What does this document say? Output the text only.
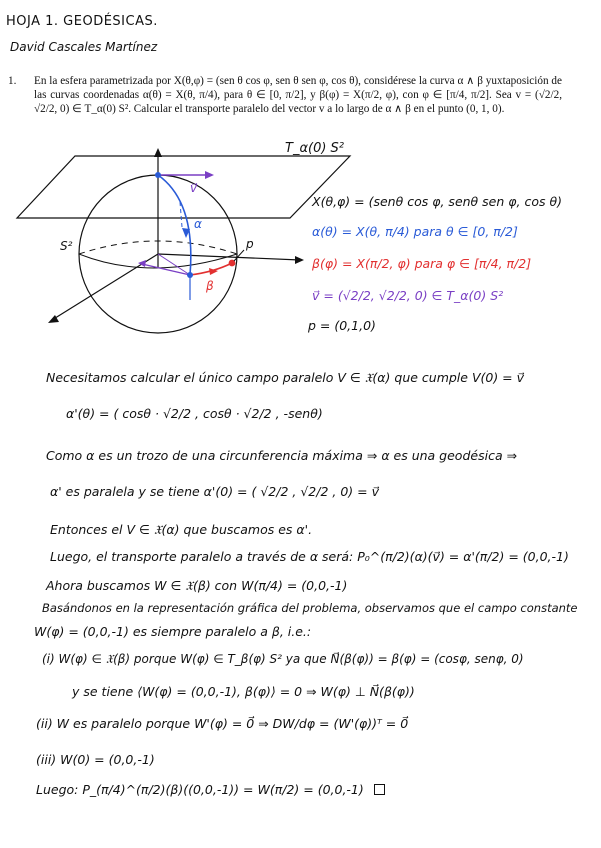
HOJA 1. GEODÉSICAS.
David Cascales Martínez
1. En la esfera parametrizada por X(θ,φ) = (sen θ cos φ, sen θ sen φ, cos θ), considérese la curva α ∧ β yuxtaposición de las curvas coordenadas α(θ) = X(θ, π/4), para θ ∈ [0, π/2], y β(φ) = X(π/2, φ), con φ ∈ [π/4, π/2]. Sea v = (√2/2, √2/2, 0) ∈ T_α(0) S². Calcular el transporte paralelo del vector v a lo largo de α ∧ β en el punto (0, 1, 0).
T_α(0) S²
S²	p
α
β
v⃗
X(θ,φ) = (senθ cos φ, senθ sen φ, cos θ)
α(θ) = X(θ, π/4) para θ ∈ [0, π/2]
β(φ) = X(π/2, φ) para φ ∈ [π/4, π/2]
v⃗ = (√2/2, √2/2, 0) ∈ T_α(0) S²
p = (0,1,0)
Necesitamos calcular el único campo paralelo V ∈ 𝔛(α) que cumple V(0) = v⃗
α'(θ) = ( cosθ · √2/2 , cosθ · √2/2 , -senθ)
Como α es un trozo de una circunferencia máxima ⇒ α es una geodésica ⇒
α' es paralela y se tiene α'(0) = ( √2/2 , √2/2 , 0) = v⃗
Entonces el V ∈ 𝔛(α) que buscamos es α'.
Luego, el transporte paralelo a través de α será: P₀^(π/2)(α)(v⃗) = α'(π/2) = (0,0,-1)
Ahora buscamos W ∈ 𝔛(β) con W(π/4) = (0,0,-1)
Basándonos en la representación gráfica del problema, observamos que el campo constante
W(φ) = (0,0,-1) es siempre paralelo a β, i.e.:
(i) W(φ) ∈ 𝔛(β) porque W(φ) ∈ T_β(φ) S² ya que N⃗(β(φ)) = β(φ) = (cosφ, senφ, 0)
y se tiene ⟨W(φ) = (0,0,-1), β(φ)⟩ = 0 ⇒ W(φ) ⊥ N⃗(β(φ))
(ii) W es paralelo porque W'(φ) = 0⃗ ⇒ DW/dφ = (W'(φ))ᵀ = 0⃗
(iii) W(0) = (0,0,-1)
Luego: P_(π/4)^(π/2)(β)((0,0,-1)) = W(π/2) = (0,0,-1)
